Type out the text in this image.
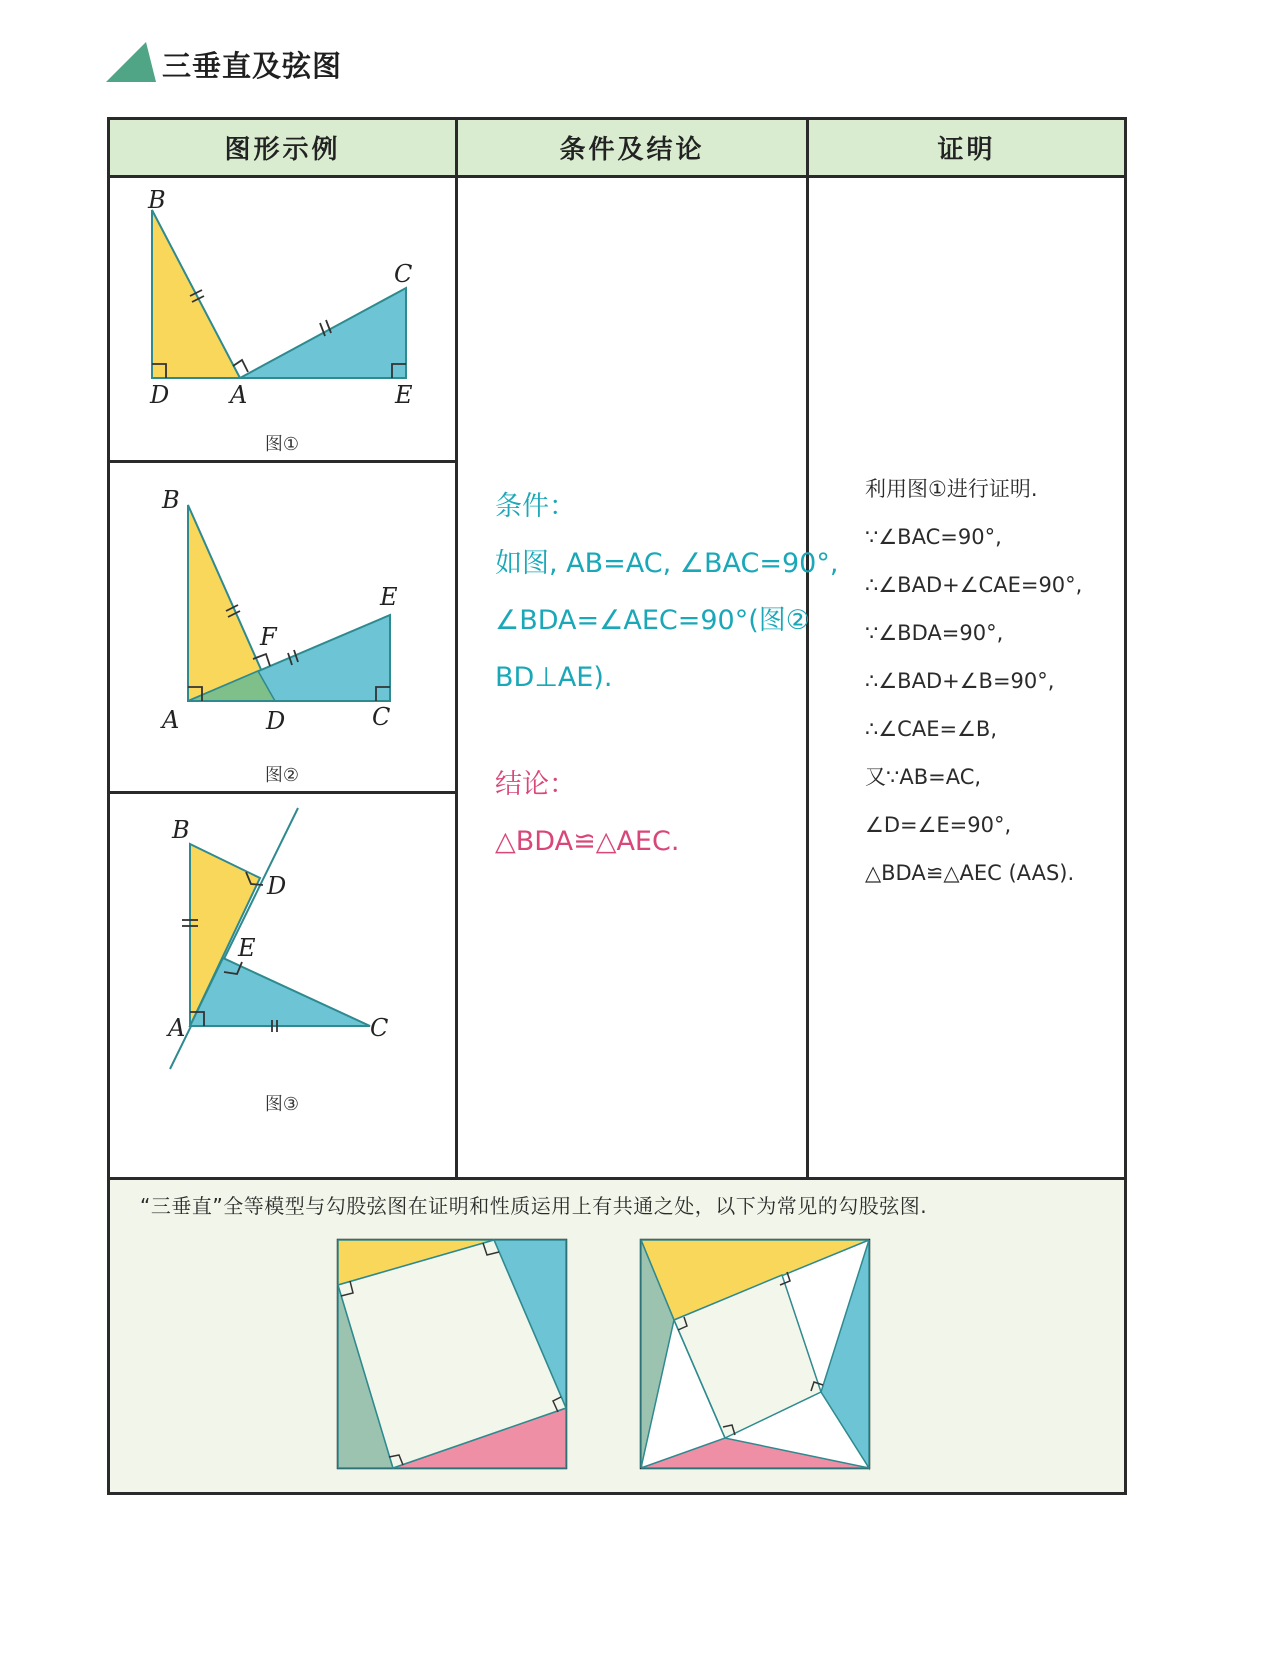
三垂直及弦图
图形示例	条件及结论	证明
B
D	A
C
E
图①
B
F
E
A	D	C
图②
B
D
E
A	C
图③
“三垂直”全等模型与勾股弦图在证明和性质运用上有共通之处，以下为常见的勾股弦图.
条件：
如图, AB=AC, ∠BAC=90°,
∠BDA=∠AEC=90°(图②
BD⊥AE).
结论：
△BDA≌△AEC.
利用图①进行证明.
∵∠BAC=90°,
∴∠BAD+∠CAE=90°,
∵∠BDA=90°,
∴∠BAD+∠B=90°,
∴∠CAE=∠B,
又∵AB=AC,
∠D=∠E=90°,
△BDA≌△AEC (AAS).
